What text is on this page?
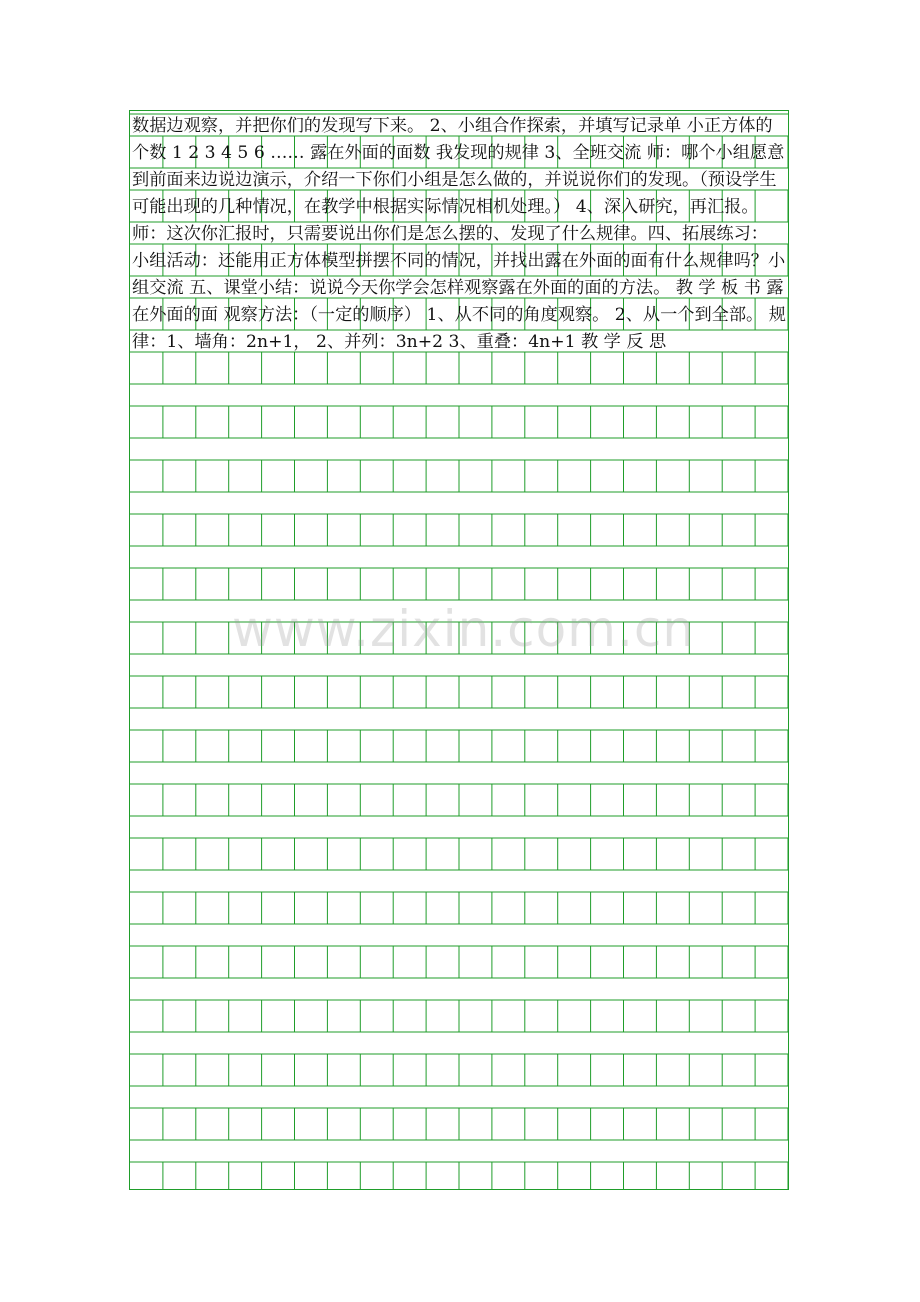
数据边观察，并把你们的发现写下来。 2、小组合作探索，并填写记录单 小正方体的个数 1 2 3 4 5 6 …… 露在外面的面数 我发现的规律 3、全班交流 师：哪个小组愿意到前面来边说边演示，介绍一下你们小组是怎么做的，并说说你们的发现。（预设学生可能出现的几种情况，在教学中根据实际情况相机处理。） 4、深入研究，再汇报。 师：这次你汇报时，只需要说出你们是怎么摆的、发现了什么规律。四、拓展练习： 小组活动：还能用正方体模型拼摆不同的情况，并找出露在外面的面有什么规律吗？小组交流 五、课堂小结：说说今天你学会怎样观察露在外面的面的方法。 教 学 板 书 露在外面的面 观察方法：（一定的顺序） 1、从不同的角度观察。 2、从一个到全部。 规律：1、墙角：2n+1， 2、并列：3n+2 3、重叠：4n+1 教 学 反 思

www.zixin.com.cn
